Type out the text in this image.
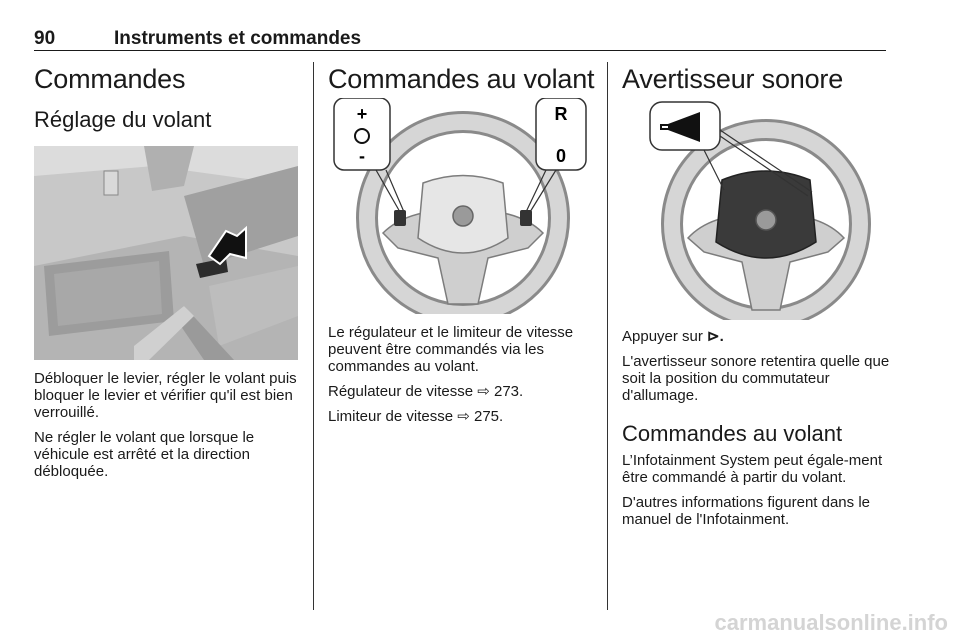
90	Instruments et commandes
Commandes
Réglage du volant

Débloquer le levier, régler le volant puis bloquer le levier et vérifier qu'il est bien verrouillé.

Ne régler le volant que lorsque le véhicule est arrêté et la direction débloquée.

Commandes au volant
+
-
R
0

Le régulateur et le limiteur de vitesse peuvent être commandés via les commandes au volant.

Régulateur de vitesse ⇨ 273.

Limiteur de vitesse ⇨ 275.

Avertisseur sonore

Appuyer sur ⊳.

L'avertisseur sonore retentira quelle que soit la position du commutateur d'allumage.

Commandes au volant

L’Infotainment System peut égale-ment être commandé à partir du volant.

D'autres informations figurent dans le manuel de l'Infotainment.

carmanualsonline.info
